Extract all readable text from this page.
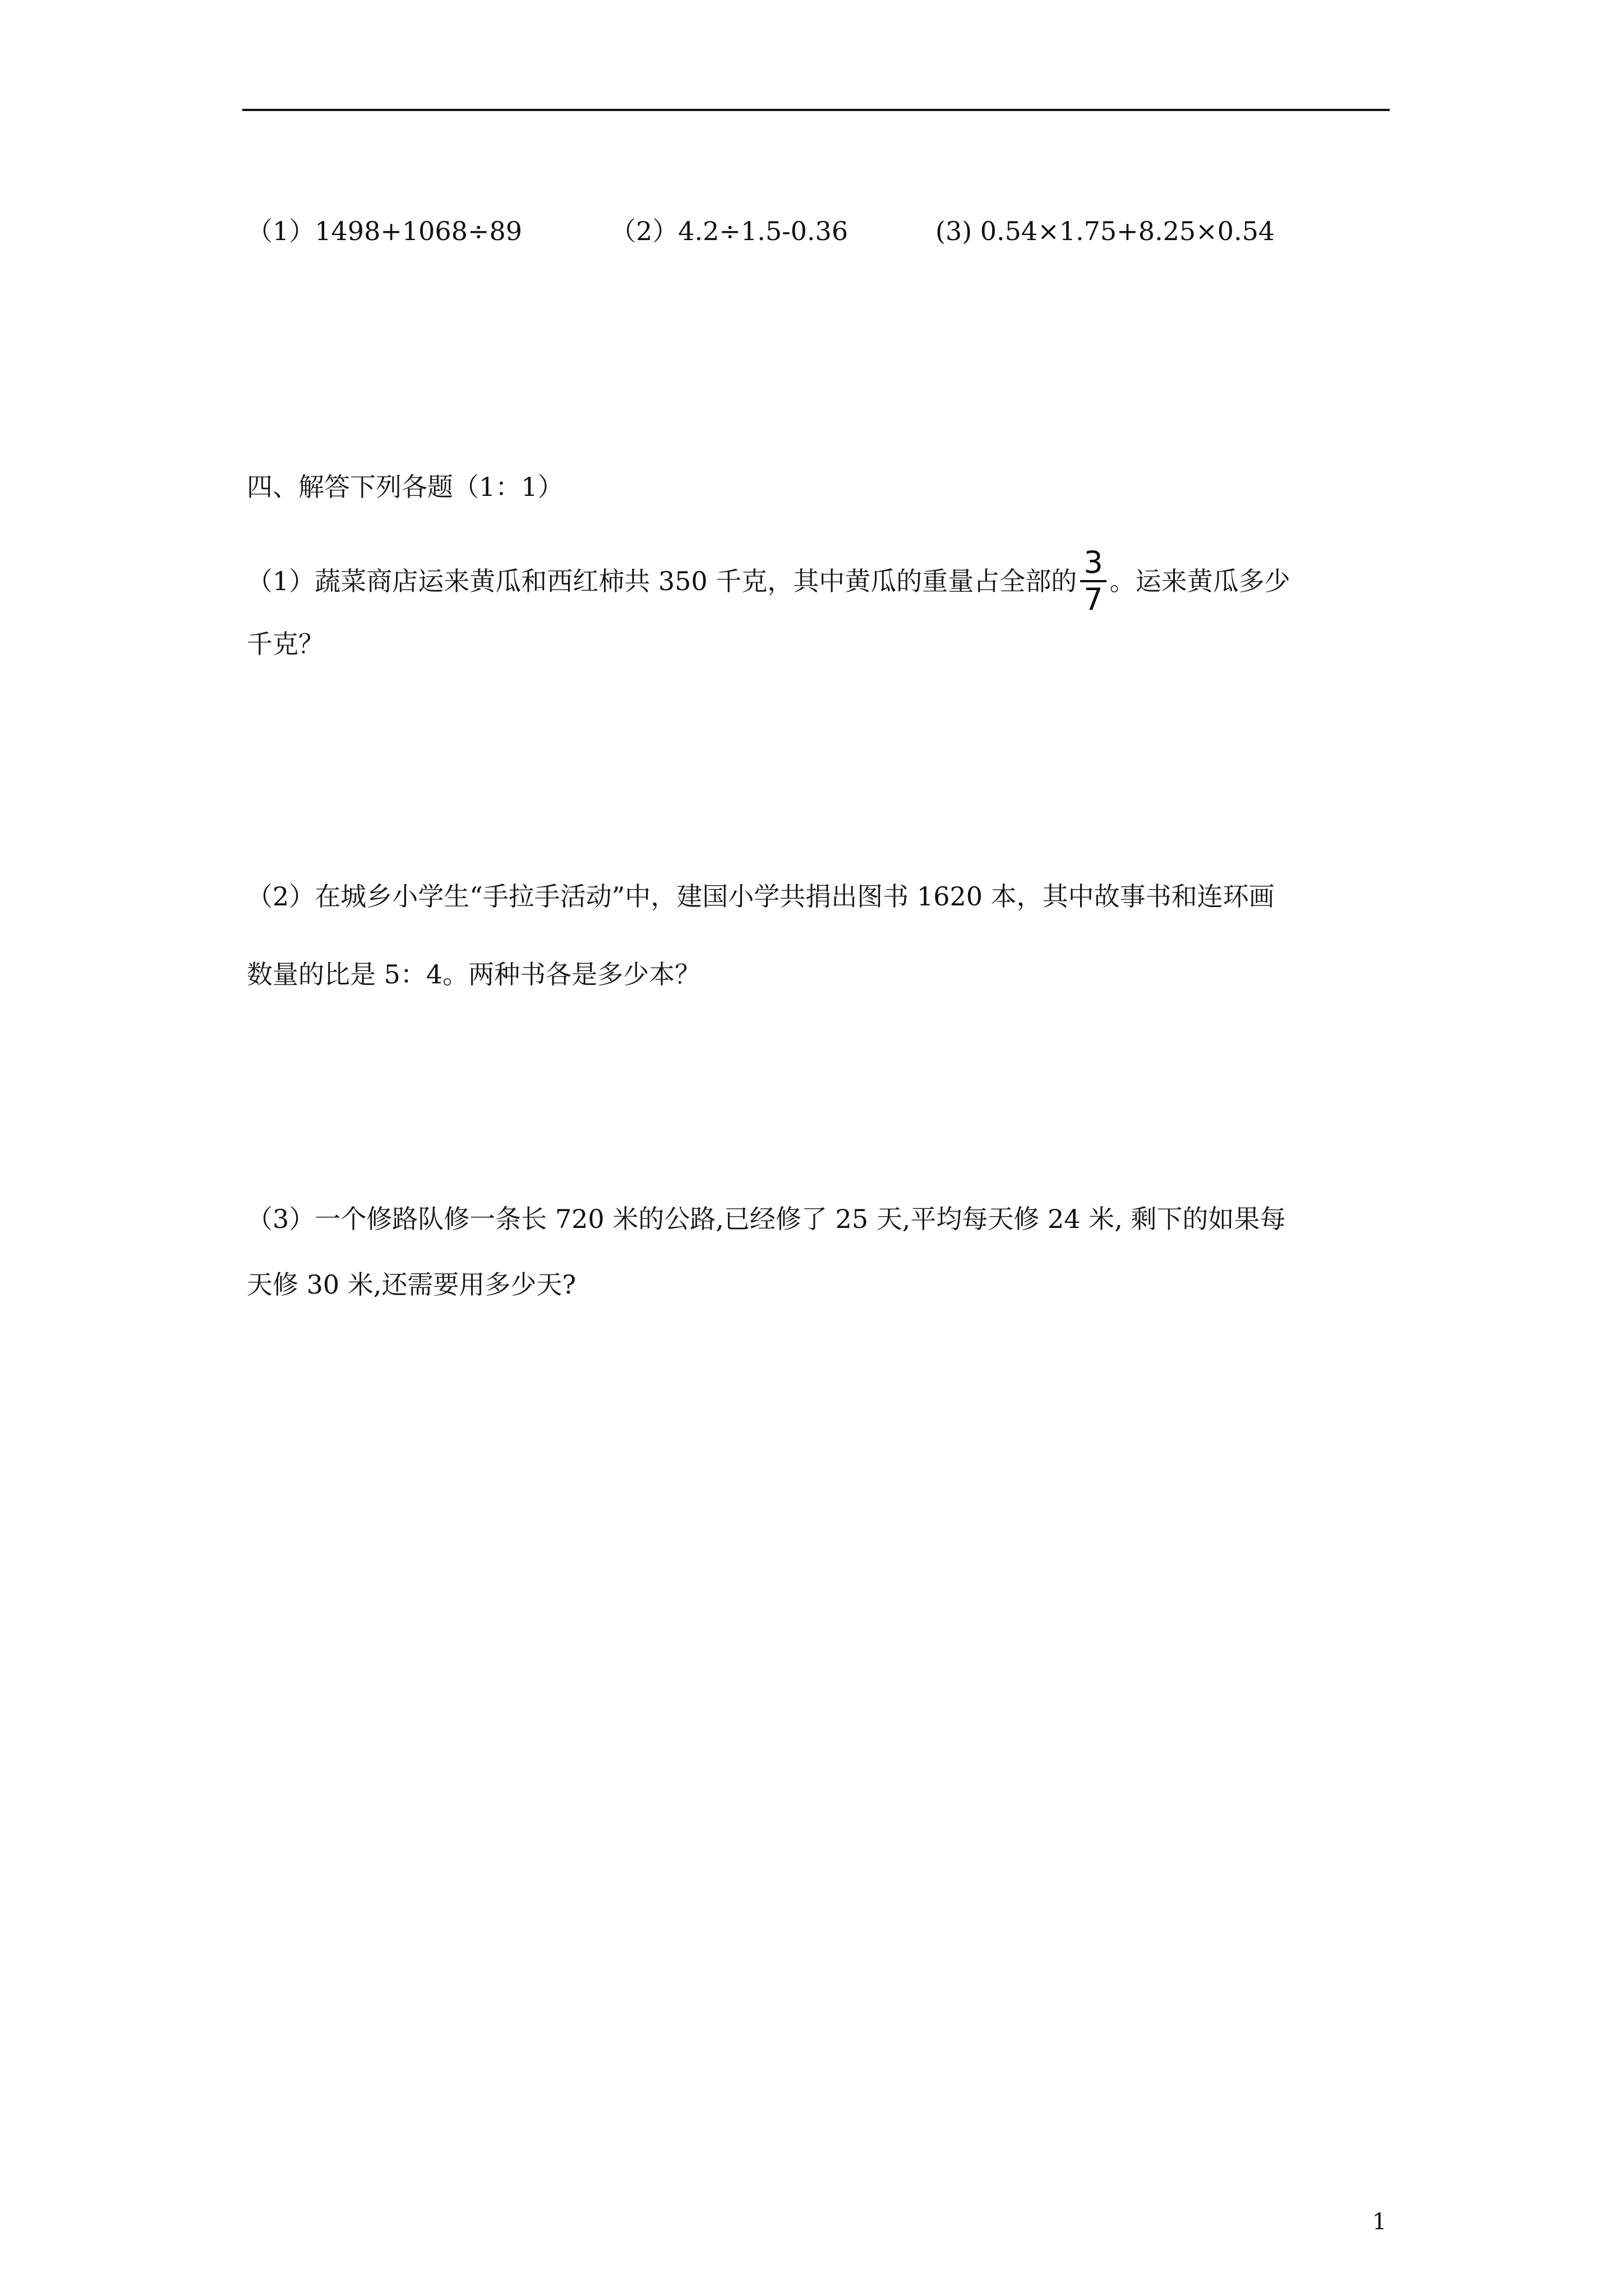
（1）1498+1068÷89	（2）4.2÷1.5-0.36	(3) 0.54×1.75+8.25×0.54
四、解答下列各题（1：1）
（1）蔬菜商店运来黄瓜和西红柿共 350 千克，其中黄瓜的重量占全部的 $\frac{3}{7}$ 。运来黄瓜多少
千克？
（2）在城乡小学生“手拉手活动”中，建国小学共捐出图书 1620 本，其中故事书和连环画
数量的比是 5：4。两种书各是多少本？
（3）一个修路队修一条长 720 米的公路,已经修了 25 天,平均每天修 24 米, 剩下的如果每
天修 30 米,还需要用多少天?
1
